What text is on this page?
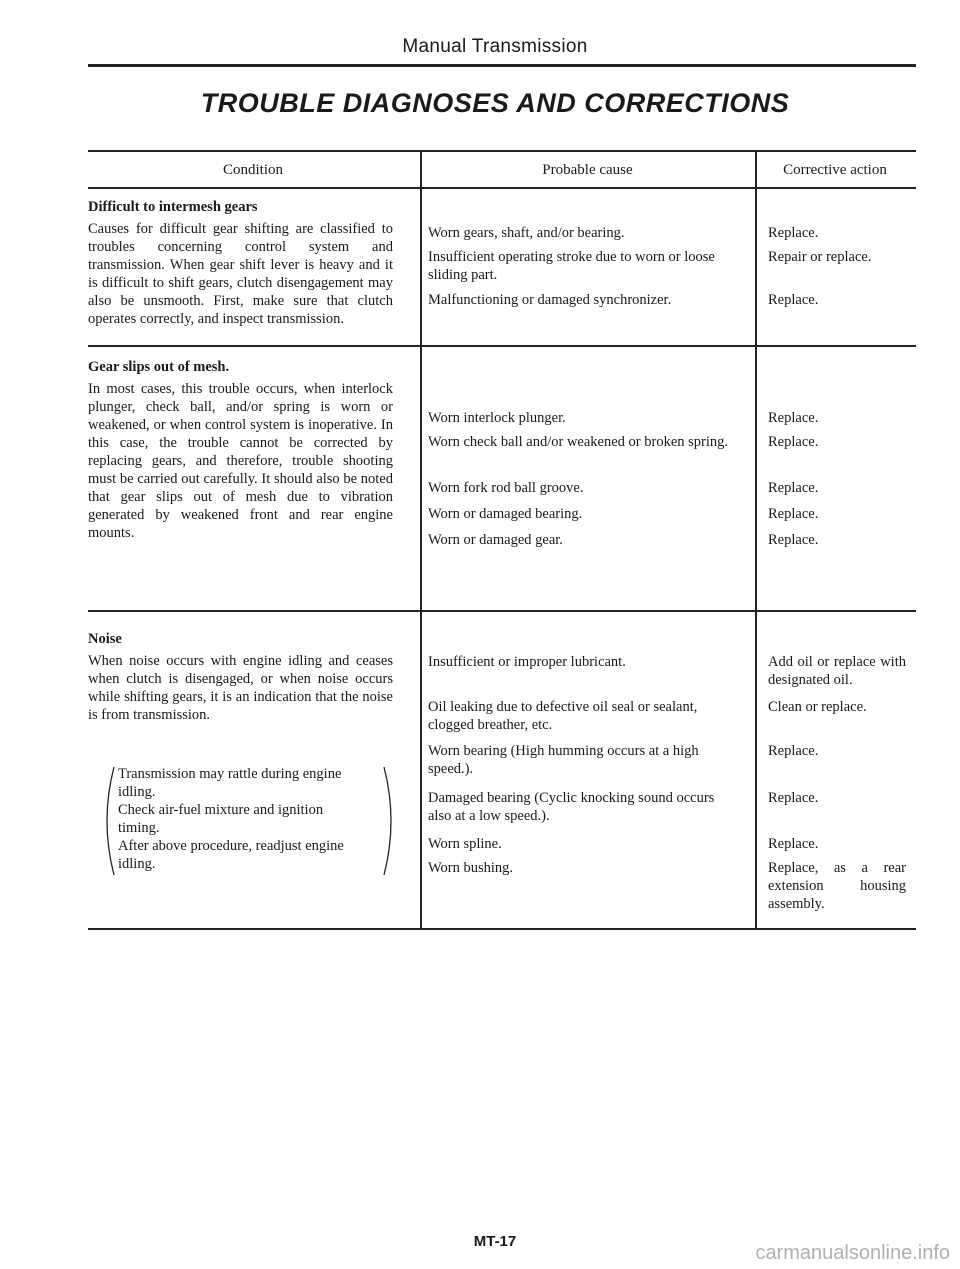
Manual Transmission
TROUBLE DIAGNOSES AND CORRECTIONS
Condition	Probable cause	Corrective action
Difficult to intermesh gears
Causes for difficult gear shifting are classified to troubles concerning control system and transmission. When gear shift lever is heavy and it is difficult to shift gears, clutch disengagement may also be unsmooth. First, make sure that clutch operates correctly, and inspect transmission.
Worn gears, shaft, and/or bearing.
Insufficient operating stroke due to worn or loose sliding part.
Malfunctioning or damaged synchronizer.
Replace.
Repair or replace.
Replace.
Gear slips out of mesh.
In most cases, this trouble occurs, when interlock plunger, check ball, and/or spring is worn or weakened, or when control system is inoperative. In this case, the trouble cannot be corrected by replacing gears, and therefore, trouble shooting must be carried out carefully. It should also be noted that gear slips out of mesh due to vibration generated by weakened front and rear engine mounts.
Worn interlock plunger.
Worn check ball and/or weakened or broken spring.
Worn fork rod ball groove.
Worn or damaged bearing.
Worn or damaged gear.
Replace.
Replace.
Replace.
Replace.
Replace.
Noise
When noise occurs with engine idling and ceases when clutch is disengaged, or when noise occurs while shifting gears, it is an indication that the noise is from transmission.
Transmission may rattle during engine
idling.
Check air-fuel mixture and ignition
timing.
After above procedure, readjust engine
idling.
Insufficient or improper lubricant.
Oil leaking due to defective oil seal or sealant, clogged breather, etc.
Worn bearing (High humming occurs at a high speed.).
Damaged bearing (Cyclic knocking sound occurs also at a low speed.).
Worn spline.
Worn bushing.
Add oil or replace with designated oil.
Clean or replace.
Replace.
Replace.
Replace.
Replace, as a rear extension housing assembly.
MT-17
carmanualsonline.info
